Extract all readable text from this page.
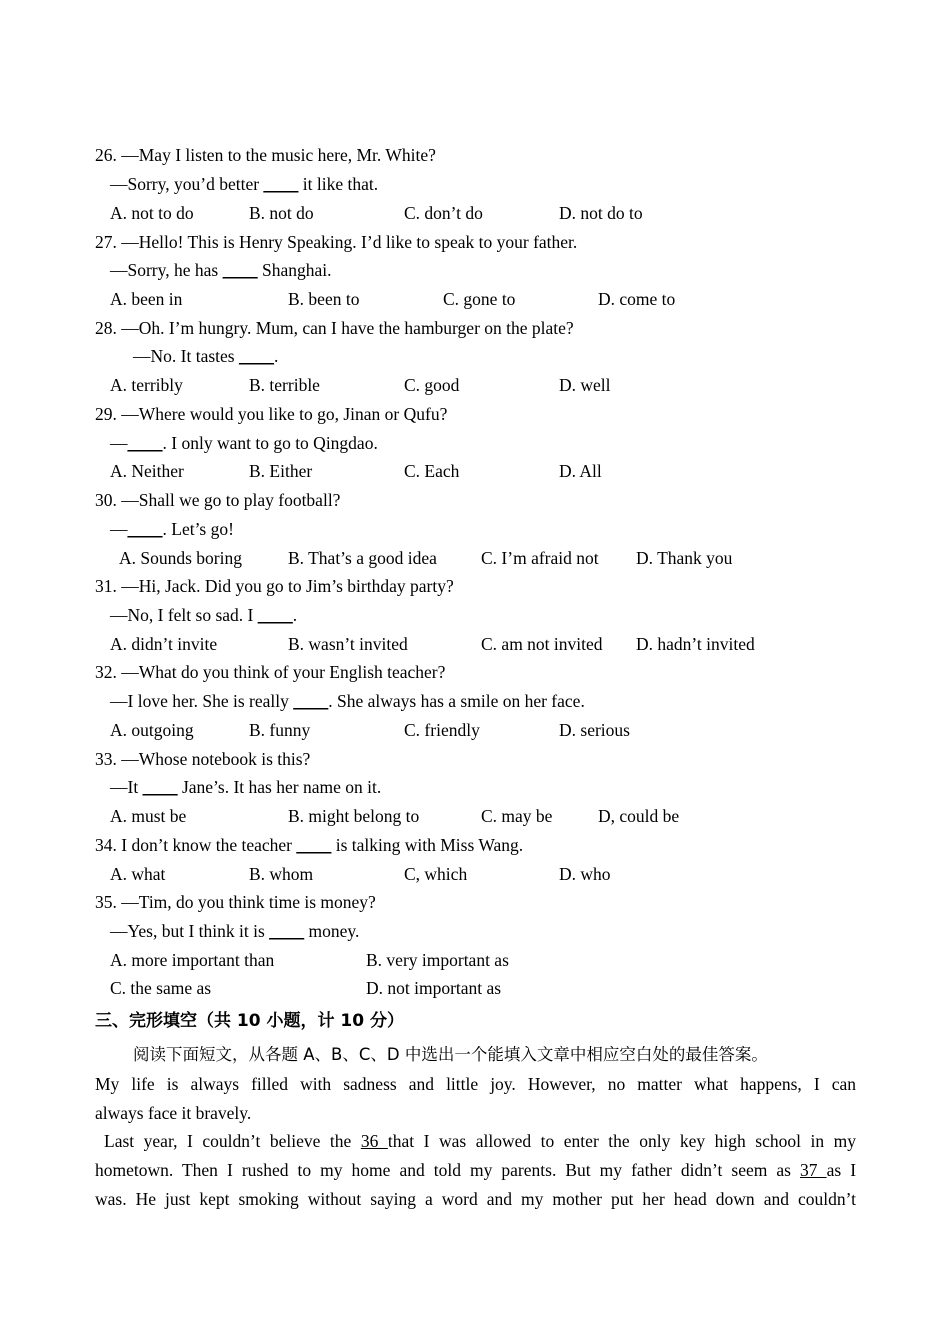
26. —May I listen to the music here, Mr. White?
—Sorry, you’d better ____ it like that.
A. not to do	B. not do	C. don’t do	D. not do to
27. —Hello! This is Henry Speaking. I’d like to speak to your father.
—Sorry, he has ____ Shanghai.
A. been in	B. been to	C. gone to	D. come to
28. —Oh. I’m hungry. Mum, can I have the hamburger on the plate?
—No. It tastes ____.
A. terribly	B. terrible	C. good	D. well
29. —Where would you like to go, Jinan or Qufu?
—____. I only want to go to Qingdao.
A. Neither	B. Either	C. Each	D. All
30. —Shall we go to play football?
—____. Let’s go!
A. Sounds boring	B. That’s a good idea	C. I’m afraid not D. Thank you
31. —Hi, Jack. Did you go to Jim’s birthday party?
—No, I felt so sad. I ____.
A. didn’t invite	B. wasn’t invited	C. am not invited D. hadn’t invited
32. —What do you think of your English teacher?
—I love her. She is really ____. She always has a smile on her face.
A. outgoing	B. funny	C. friendly	D. serious
33. —Whose notebook is this?
—It ____ Jane’s. It has her name on it.
A. must be	B. might belong to	C. may be	D, could be
34. I don’t know the teacher ____ is talking with Miss Wang.
A. what	B. whom	C, which	D. who
35. —Tim, do you think time is money?
—Yes, but I think it is ____ money.
A. more important than	B. very important as
C. the same as	D. not important as
三、完形填空（共 10 小题，计 10 分）
阅读下面短文，从各题 A、B、C、D 中选出一个能填入文章中相应空白处的最佳答案。
My life is always filled with sadness and little joy. However, no matter what happens, I can
always face it bravely.
Last year, I couldn’t believe the 36 that I was allowed to enter the only key high school in my
hometown. Then I rushed to my home and told my parents. But my father didn’t seem as 37 as I
was. He just kept smoking without saying a word and my mother put her head down and couldn’t
